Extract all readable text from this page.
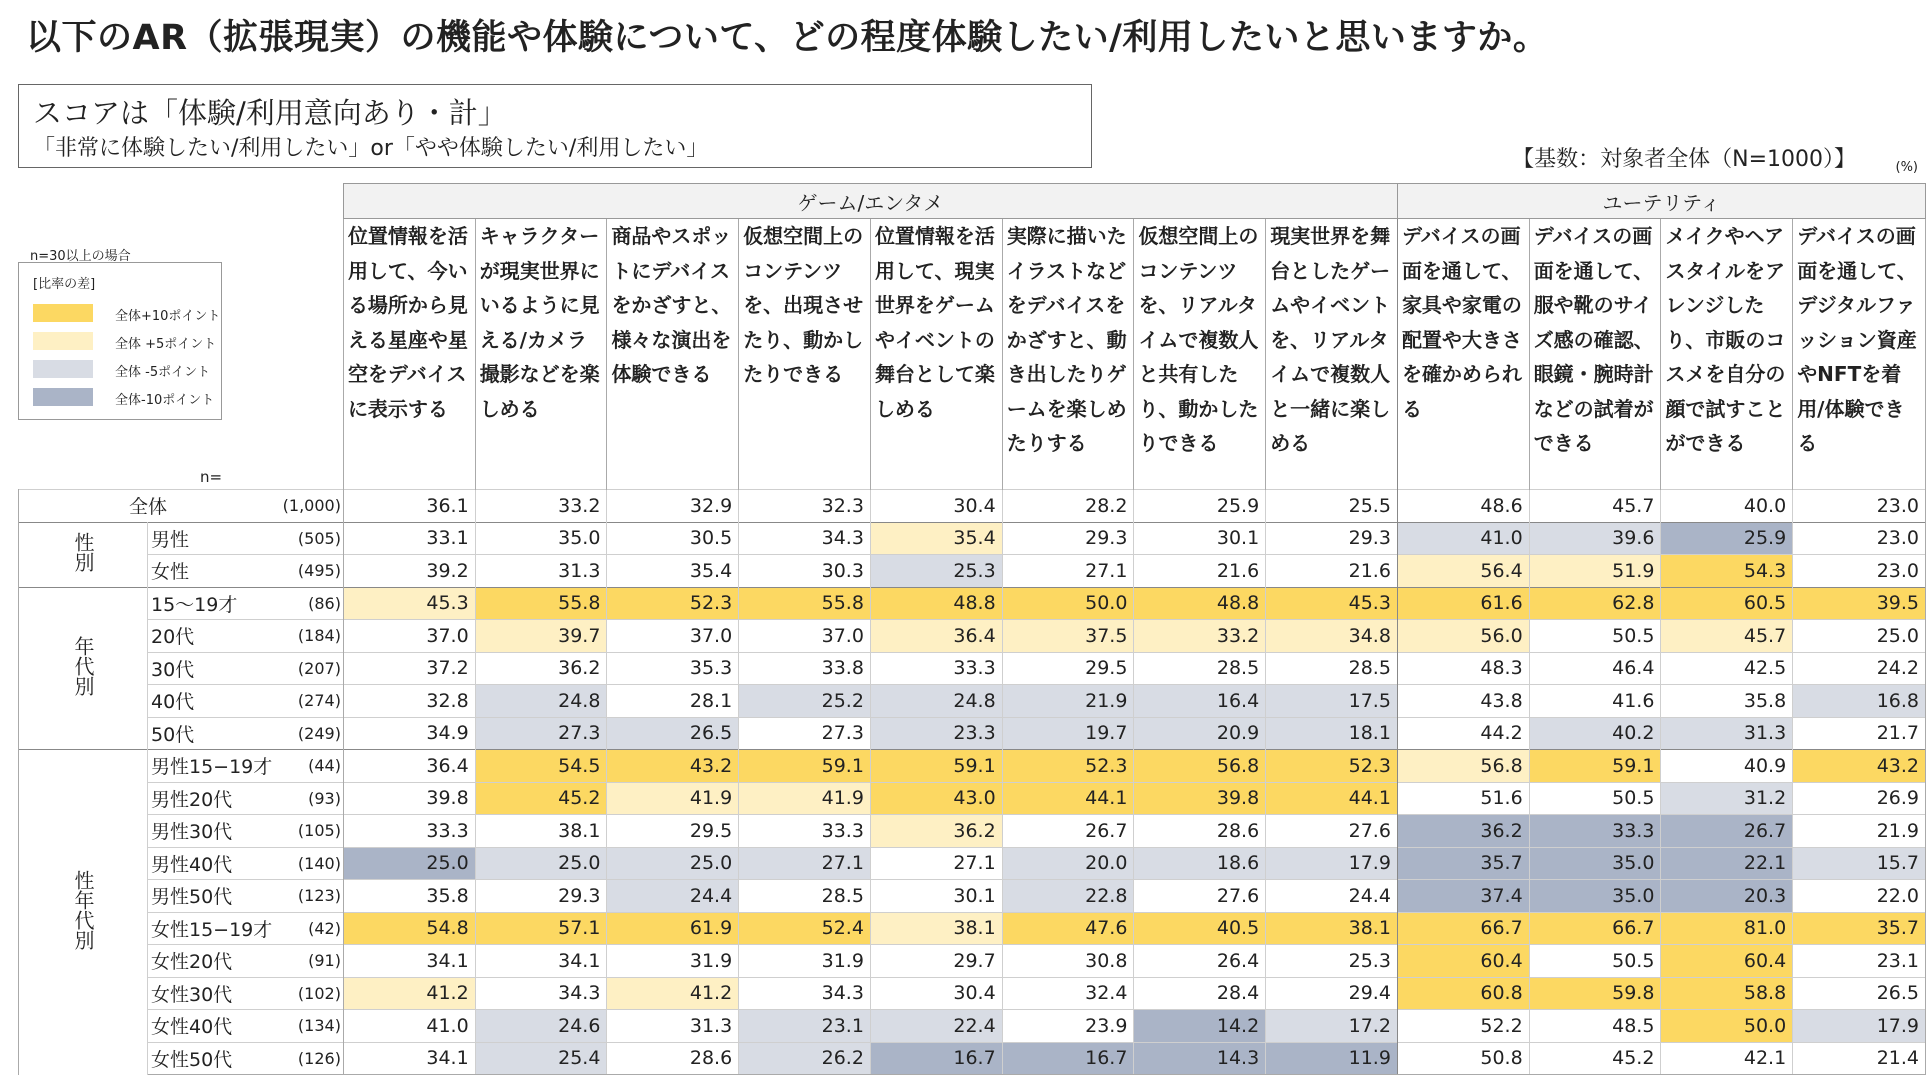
以下のAR（拡張現実）の機能や体験について、どの程度体験したい/利用したいと思いますか。
スコアは「体験/利用意向あり・計」
「非常に体験したい/利用したい」or「やや体験したい/利用したい」	【基数：対象者全体（N=1000）】	(%)
n=30以上の場合
[比率の差]
全体+10ポイント
全体 +5ポイント
全体 -5ポイント
全体-10ポイント
n=
			ゲーム/エンタメ								ユーテリティ			
			位置情報を活用して、今いる場所から見える星座や星空をデバイスに表示する	キャラクターが現実世界にいるように見える/カメラ撮影などを楽しめる	商品やスポットにデバイスをかざすと、様々な演出を体験できる	仮想空間上のコンテンツを、出現させたり、動かしたりできる	位置情報を活用して、現実世界をゲームやイベントの舞台として楽しめる	実際に描いたイラストなどをデバイスをかざすと、動き出したりゲームを楽しめたりする	仮想空間上のコンテンツを、リアルタイムで複数人と共有したり、動かしたりできる	現実世界を舞台としたゲームやイベントを、リアルタイムで複数人と一緒に楽しめる	デバイスの画面を通して、家具や家電の配置や大きさを確かめられる	デバイスの画面を通して、服や靴のサイズ感の確認、眼鏡・腕時計などの試着ができる	メイクやヘアスタイルをアレンジしたり、市販のコスメを自分の顔で試すことができる	デバイスの画面を通して、デジタルファッション資産やNFTを着用/体験できる
全体		(1,000)	36.1	33.2	32.9	32.3	30.4	28.2	25.9	25.5	48.6	45.7	40.0	23.0
性別	男性	(505)	33.1	35.0	30.5	34.3	35.4	29.3	30.1	29.3	41.0	39.6	25.9	23.0
	女性	(495)	39.2	31.3	35.4	30.3	25.3	27.1	21.6	21.6	56.4	51.9	54.3	23.0
年代別	15～19才	(86)	45.3	55.8	52.3	55.8	48.8	50.0	48.8	45.3	61.6	62.8	60.5	39.5
	20代	(184)	37.0	39.7	37.0	37.0	36.4	37.5	33.2	34.8	56.0	50.5	45.7	25.0
	30代	(207)	37.2	36.2	35.3	33.8	33.3	29.5	28.5	28.5	48.3	46.4	42.5	24.2
	40代	(274)	32.8	24.8	28.1	25.2	24.8	21.9	16.4	17.5	43.8	41.6	35.8	16.8
	50代	(249)	34.9	27.3	26.5	27.3	23.3	19.7	20.9	18.1	44.2	40.2	31.3	21.7
性年代別	男性15−19才	(44)	36.4	54.5	43.2	59.1	59.1	52.3	56.8	52.3	56.8	59.1	40.9	43.2
	男性20代	(93)	39.8	45.2	41.9	41.9	43.0	44.1	39.8	44.1	51.6	50.5	31.2	26.9
	男性30代	(105)	33.3	38.1	29.5	33.3	36.2	26.7	28.6	27.6	36.2	33.3	26.7	21.9
	男性40代	(140)	25.0	25.0	25.0	27.1	27.1	20.0	18.6	17.9	35.7	35.0	22.1	15.7
	男性50代	(123)	35.8	29.3	24.4	28.5	30.1	22.8	27.6	24.4	37.4	35.0	20.3	22.0
	女性15−19才	(42)	54.8	57.1	61.9	52.4	38.1	47.6	40.5	38.1	66.7	66.7	81.0	35.7
	女性20代	(91)	34.1	34.1	31.9	31.9	29.7	30.8	26.4	25.3	60.4	50.5	60.4	23.1
	女性30代	(102)	41.2	34.3	41.2	34.3	30.4	32.4	28.4	29.4	60.8	59.8	58.8	26.5
	女性40代	(134)	41.0	24.6	31.3	23.1	22.4	23.9	14.2	17.2	52.2	48.5	50.0	17.9
	女性50代	(126)	34.1	25.4	28.6	26.2	16.7	16.7	14.3	11.9	50.8	45.2	42.1	21.4
